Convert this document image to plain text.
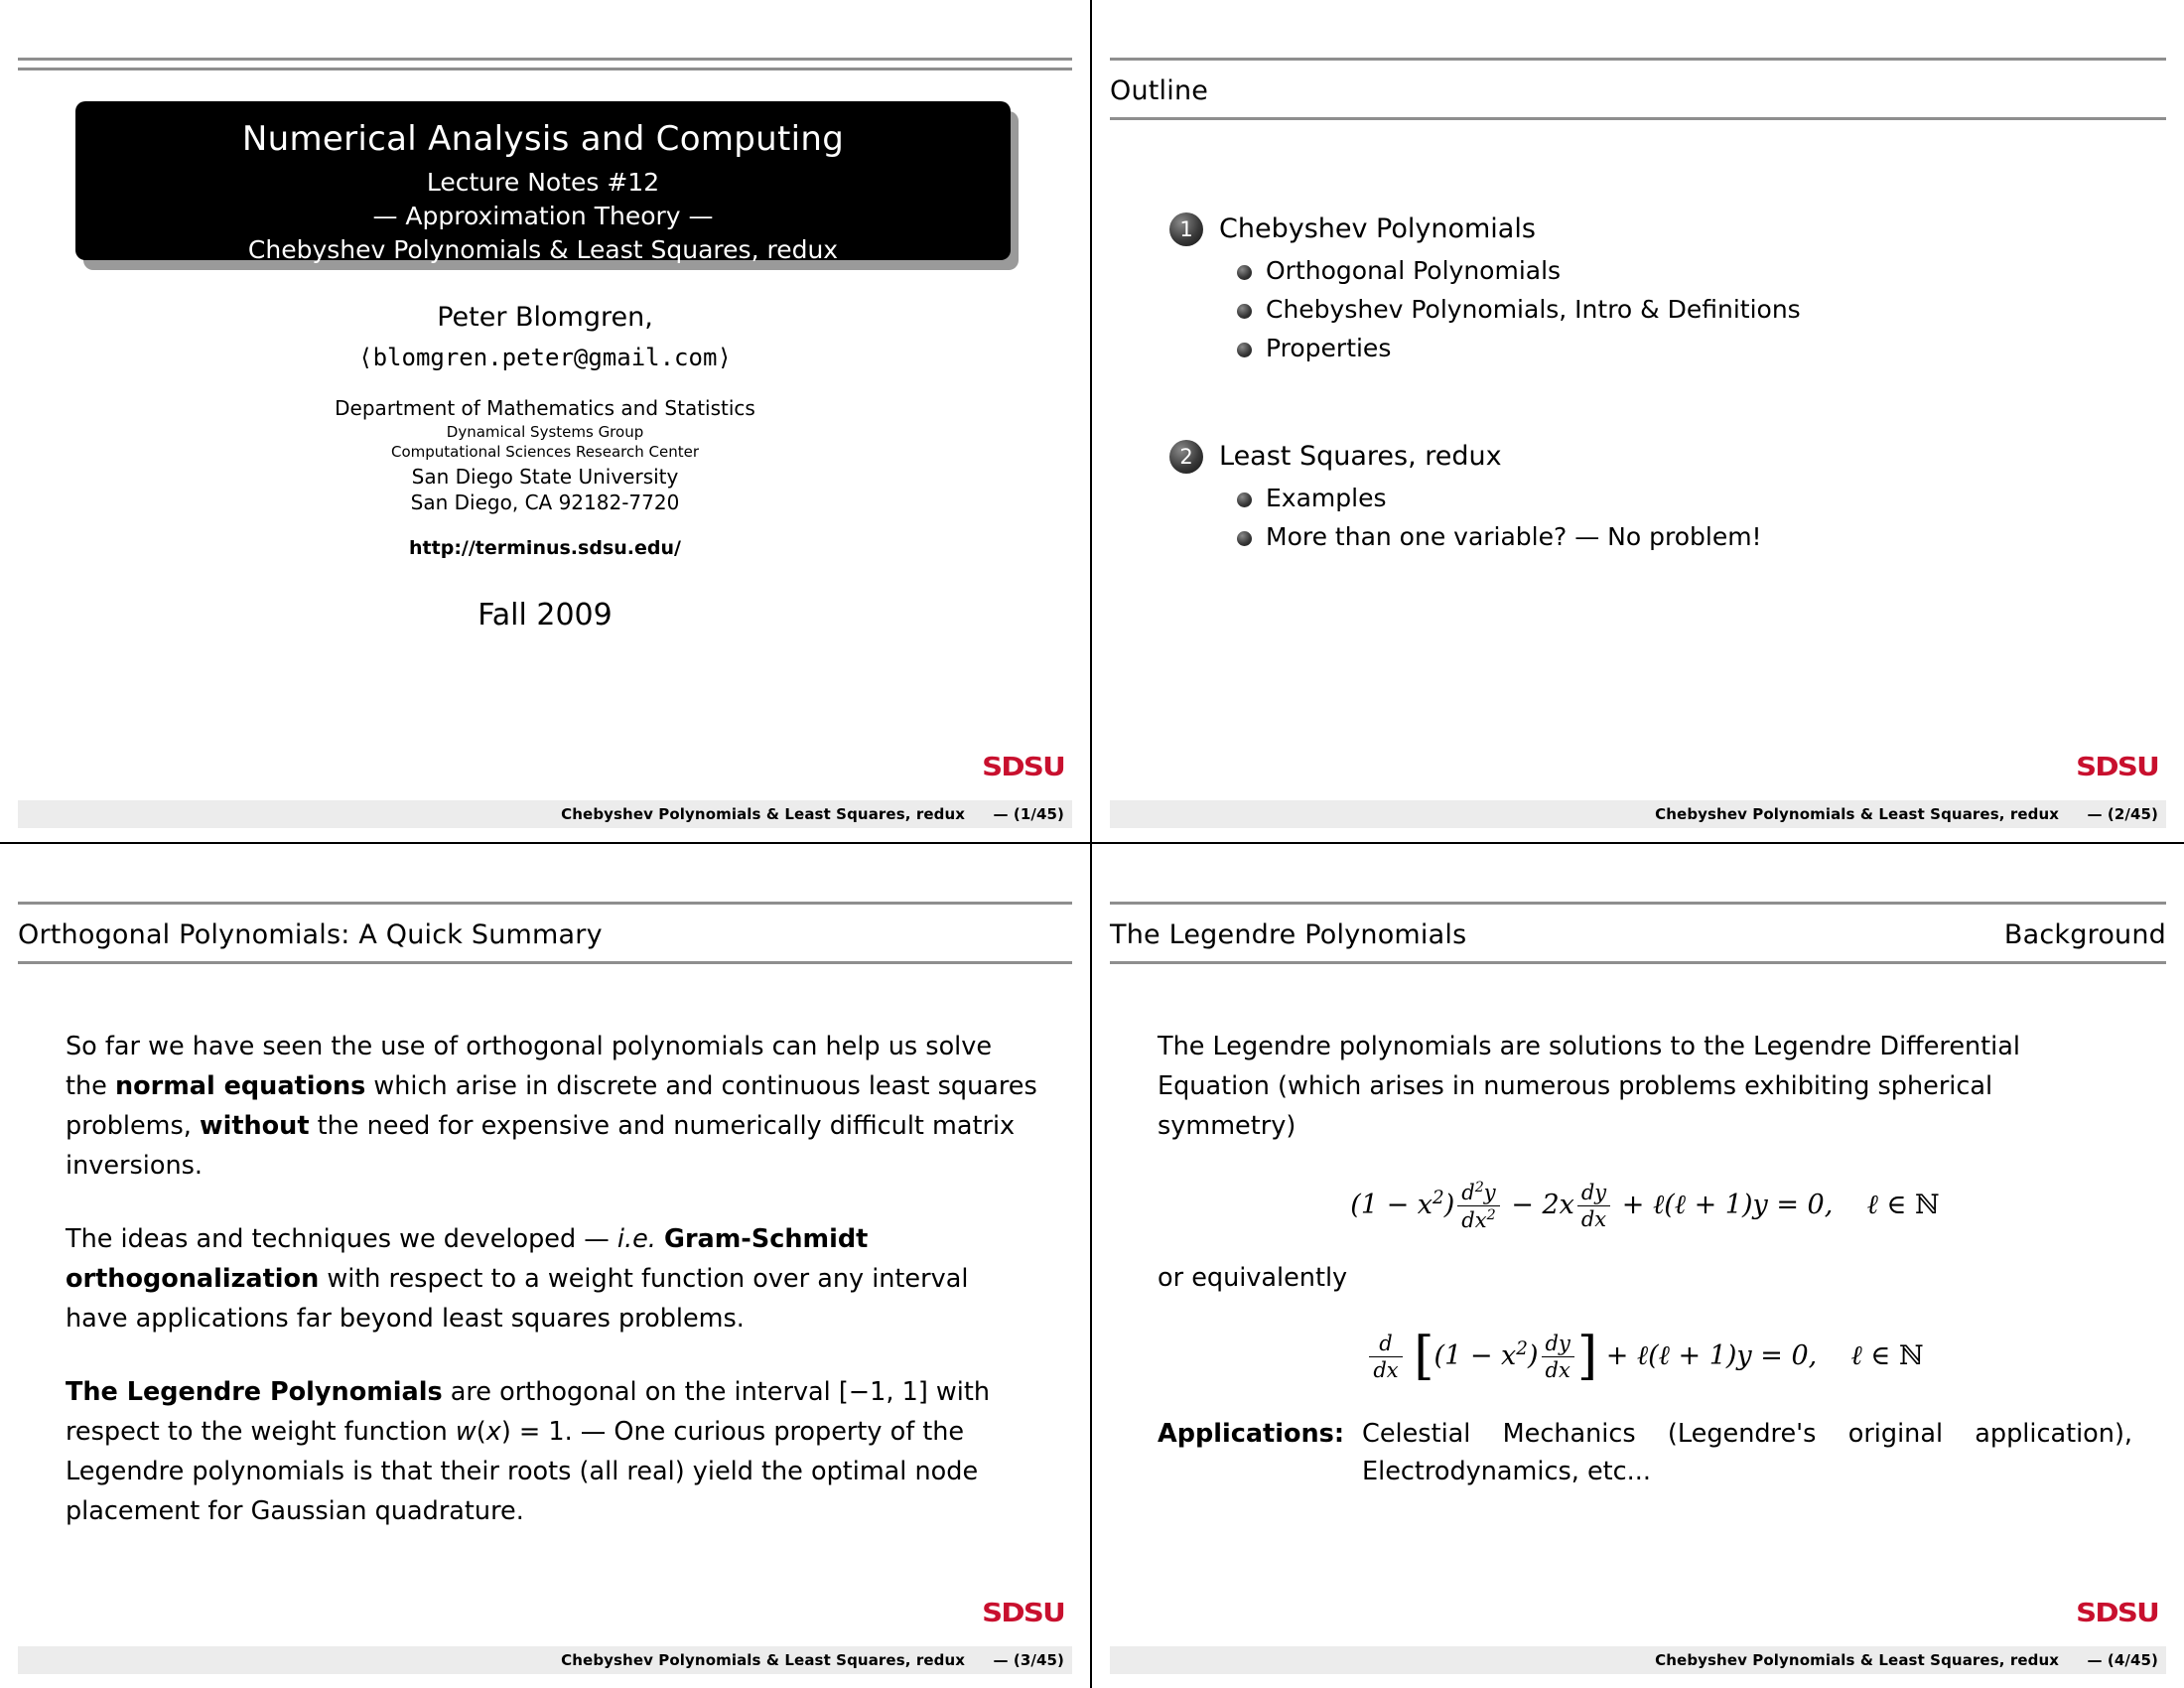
Numerical Analysis and Computing
Lecture Notes #12
— Approximation Theory —
Chebyshev Polynomials & Least Squares, redux
Peter Blomgren,
⟨blomgren.peter@gmail.com⟩
Department of Mathematics and Statistics
Dynamical Systems Group
Computational Sciences Research Center
San Diego State University
San Diego, CA 92182-7720
http://terminus.sdsu.edu/
Fall 2009
SDSU
Chebyshev Polynomials & Least Squares, redux — (1/45)
Outline
1 Chebyshev Polynomials
Orthogonal Polynomials
Chebyshev Polynomials, Intro & Definitions
Properties
2 Least Squares, redux
Examples
More than one variable? — No problem!
SDSU
Chebyshev Polynomials & Least Squares, redux — (2/45)
Orthogonal Polynomials: A Quick Summary
So far we have seen the use of orthogonal polynomials can help us solve the normal equations which arise in discrete and continuous least squares problems, without the need for expensive and numerically difficult matrix inversions.
The ideas and techniques we developed — i.e. Gram-Schmidt orthogonalization with respect to a weight function over any interval have applications far beyond least squares problems.
The Legendre Polynomials are orthogonal on the interval [−1, 1] with respect to the weight function w(x) = 1. — One curious property of the Legendre polynomials is that their roots (all real) yield the optimal node placement for Gaussian quadrature.
SDSU
Chebyshev Polynomials & Least Squares, redux — (3/45)
The Legendre Polynomials	Background
The Legendre polynomials are solutions to the Legendre Differential Equation (which arises in numerous problems exhibiting spherical symmetry)
$(1 - x^2) \frac{d^2y}{dx^2} - 2x \frac{dy}{dx}$ + ℓ(ℓ + 1)y = 0,    ℓ ∈ ℕ
or equivalently
$\frac{d}{dx} [(1 - x^2) \frac{dy}{dx}$ ] + ℓ(ℓ + 1)y = 0,    ℓ ∈ ℕ
Applications: Celestial Mechanics (Legendre's original application), Electrodynamics, etc...
SDSU
Chebyshev Polynomials & Least Squares, redux — (4/45)
